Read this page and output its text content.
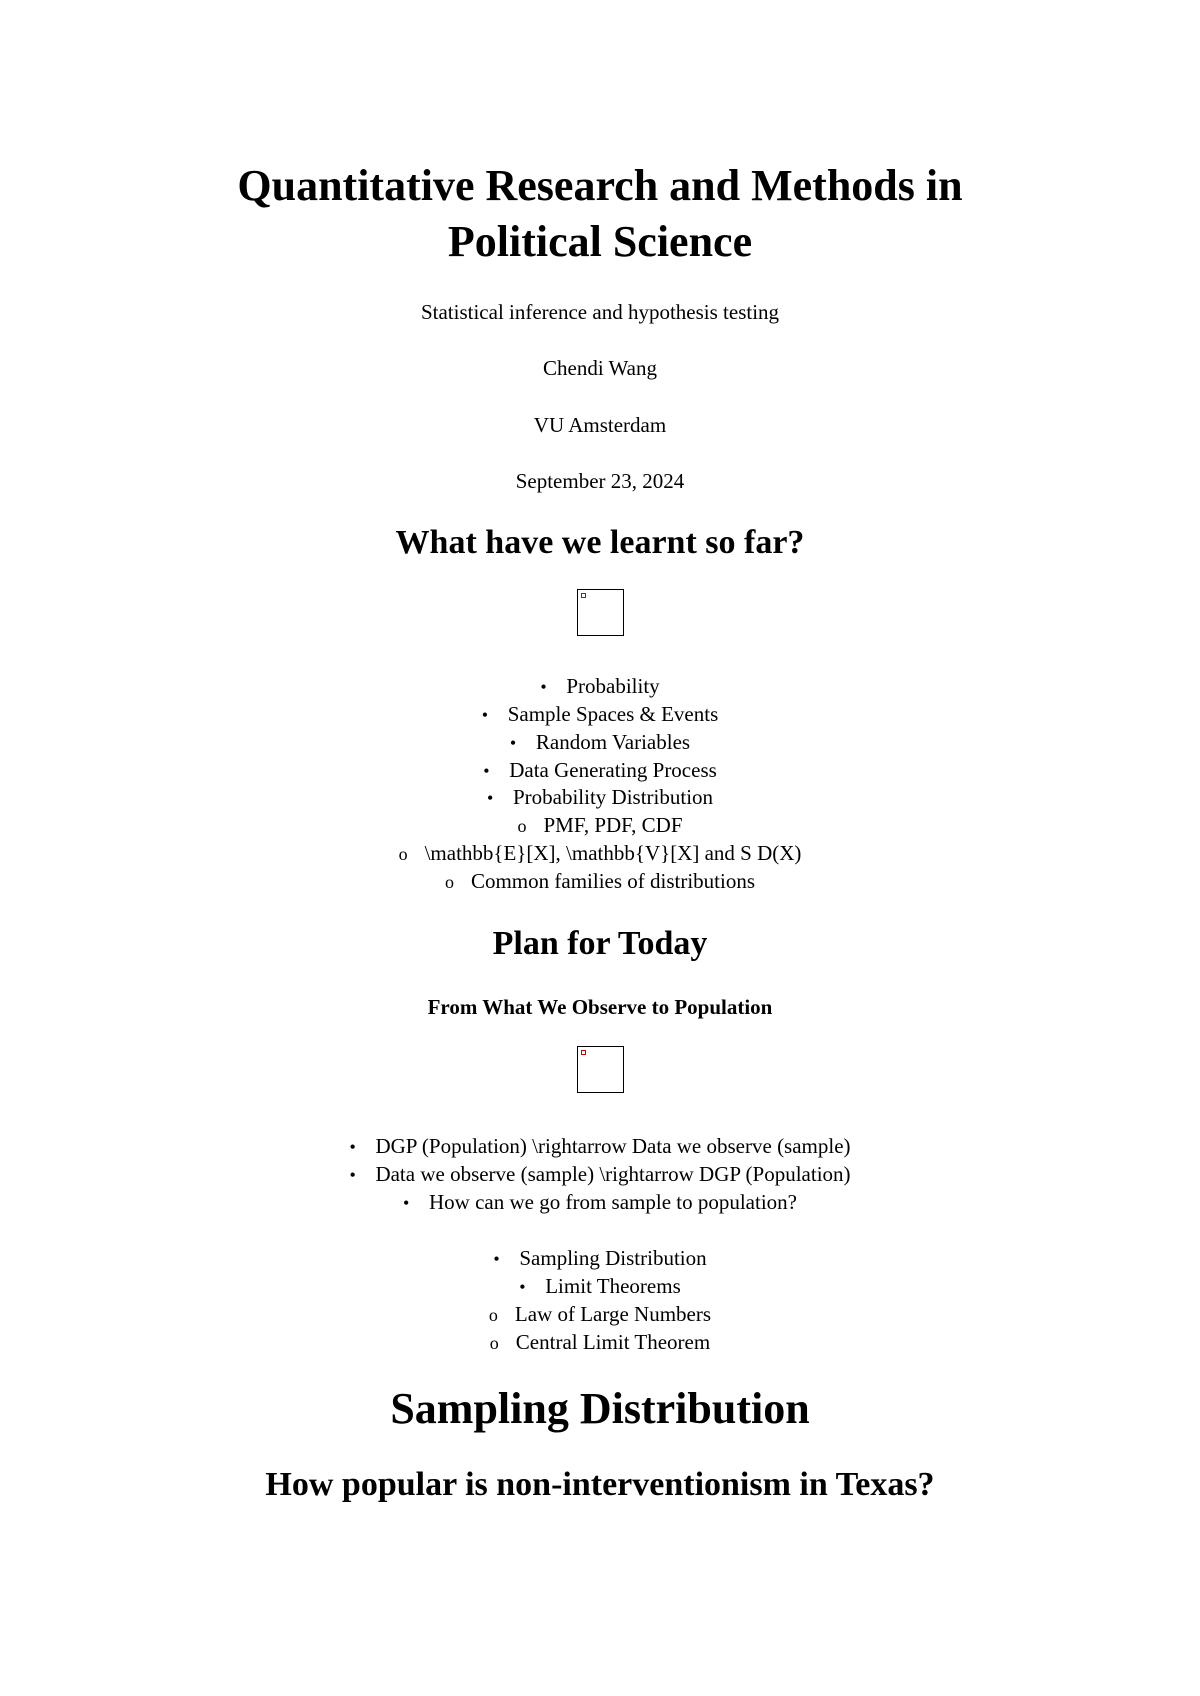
Quantitative Research and Methods in
Political Science
Statistical inference and hypothesis testing
Chendi Wang
VU Amsterdam
September 23, 2024
What have we learnt so far?
• Probability
• Sample Spaces & Events
• Random Variables
• Data Generating Process
• Probability Distribution
o PMF, PDF, CDF
o \mathbb{E}[X], \mathbb{V}[X] and S D(X)
o Common families of distributions
Plan for Today
From What We Observe to Population
• DGP (Population) \rightarrow Data we observe (sample)
• Data we observe (sample) \rightarrow DGP (Population)
• How can we go from sample to population?
• Sampling Distribution
• Limit Theorems
o Law of Large Numbers
o Central Limit Theorem
Sampling Distribution
How popular is non-interventionism in Texas?
